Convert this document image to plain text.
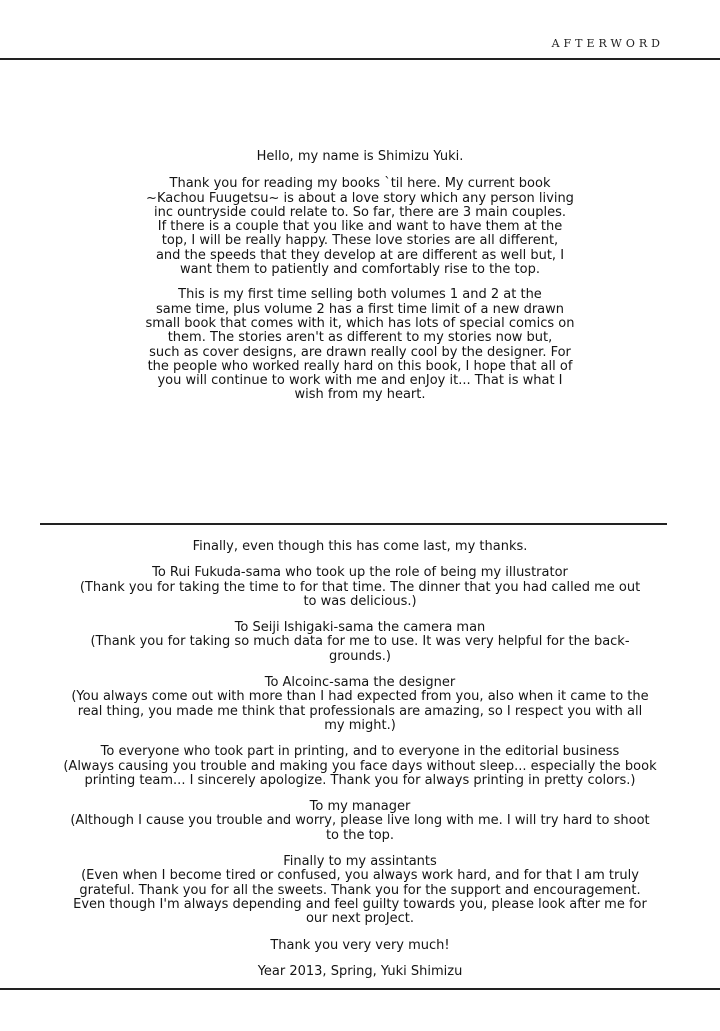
AFTERWORD
Hello, my name is Shimizu Yuki.
Thank you for reading my books `til here. My current book
~Kachou Fuugetsu~ is about a love story which any person living
inc ountryside could relate to. So far, there are 3 main couples.
If there is a couple that you like and want to have them at the
top, I will be really happy. These love stories are all different,
and the speeds that they develop at are different as well but, I
want them to patiently and comfortably rise to the top.
This is my first time selling both volumes 1 and 2 at the
same time, plus volume 2 has a first time limit of a new drawn
small book that comes with it, which has lots of special comics on
them. The stories aren't as different to my stories now but,
such as cover designs, are drawn really cool by the designer. For
the people who worked really hard on this book, I hope that all of
you will continue to work with me and enJoy it... That is what I
wish from my heart.
Finally, even though this has come last, my thanks.
To Rui Fukuda-sama who took up the role of being my illustrator
(Thank you for taking the time to for that time. The dinner that you had called me out
to was delicious.)
To Seiji Ishigaki-sama the camera man
(Thank you for taking so much data for me to use. It was very helpful for the back-
grounds.)
To Alcoinc-sama the designer
(You always come out with more than I had expected from you, also when it came to the
real thing, you made me think that professionals are amazing, so I respect you with all
my might.)
To everyone who took part in printing, and to everyone in the editorial business
(Always causing you trouble and making you face days without sleep... especially the book
printing team... I sincerely apologize. Thank you for always printing in pretty colors.)
To my manager
(Although I cause you trouble and worry, please live long with me. I will try hard to shoot
to the top.
Finally to my assintants
(Even when I become tired or confused, you always work hard, and for that I am truly
grateful. Thank you for all the sweets. Thank you for the support and encouragement.
Even though I'm always depending and feel guilty towards you, please look after me for
our next proJect.
Thank you very very much!
Year 2013, Spring, Yuki Shimizu
